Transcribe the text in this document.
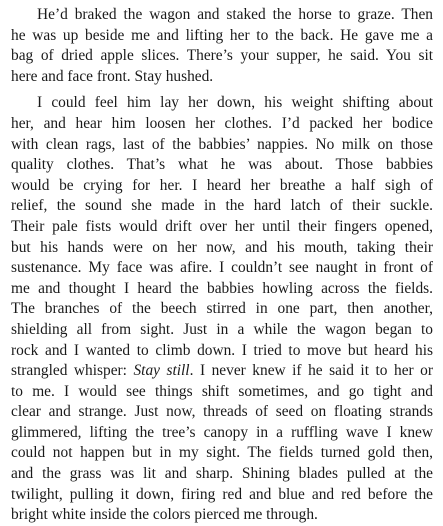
He’d braked the wagon and staked the horse to graze. Then
he was up beside me and lifting her to the back. He gave me a
bag of dried apple slices. There’s your supper, he said. You sit
here and face front. Stay hushed.

I could feel him lay her down, his weight shifting about
her, and hear him loosen her clothes. I’d packed her bodice
with clean rags, last of the babbies’ nappies. No milk on those
quality clothes. That’s what he was about. Those babbies
would be crying for her. I heard her breathe a half sigh of
relief, the sound she made in the hard latch of their suckle.
Their pale fists would drift over her until their fingers opened,
but his hands were on her now, and his mouth, taking their
sustenance. My face was afire. I couldn’t see naught in front of
me and thought I heard the babbies howling across the fields.
The branches of the beech stirred in one part, then another,
shielding all from sight. Just in a while the wagon began to
rock and I wanted to climb down. I tried to move but heard his
strangled whisper: Stay still. I never knew if he said it to her or
to me. I would see things shift sometimes, and go tight and
clear and strange. Just now, threads of seed on floating strands
glimmered, lifting the tree’s canopy in a ruffling wave I knew
could not happen but in my sight. The fields turned gold then,
and the grass was lit and sharp. Shining blades pulled at the
twilight, pulling it down, firing red and blue and red before the
bright white inside the colors pierced me through.
